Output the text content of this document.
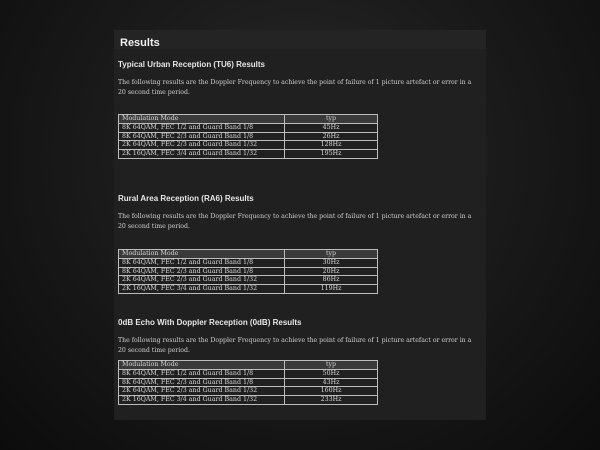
Results
Typical Urban Reception (TU6) Results
The following results are the Doppler Frequency to achieve the point of failure of 1 picture artefact or error in a 20 second time period.
Modulation Mode	typ
8K 64QAM, FEC 1/2 and Guard Band 1/8	45Hz
8K 64QAM, FEC 2/3 and Guard Band 1/8	26Hz
2K 64QAM, FEC 2/3 and Guard Band 1/32	128Hz
2K 16QAM, FEC 3/4 and Guard Band 1/32	195Hz
Rural Area Reception (RA6) Results
The following results are the Doppler Frequency to achieve the point of failure of 1 picture artefact or error in a 20 second time period.
Modulation Mode	typ
8K 64QAM, FEC 1/2 and Guard Band 1/8	30Hz
8K 64QAM, FEC 2/3 and Guard Band 1/8	20Hz
2K 64QAM, FEC 2/3 and Guard Band 1/32	86Hz
2K 16QAM, FEC 3/4 and Guard Band 1/32	119Hz
0dB Echo With Doppler Reception (0dB) Results
The following results are the Doppler Frequency to achieve the point of failure of 1 picture artefact or error in a 20 second time period.
Modulation Mode	typ
8K 64QAM, FEC 1/2 and Guard Band 1/8	50Hz
8K 64QAM, FEC 2/3 and Guard Band 1/8	43Hz
2K 64QAM, FEC 2/3 and Guard Band 1/32	160Hz
2K 16QAM, FEC 3/4 and Guard Band 1/32	233Hz
